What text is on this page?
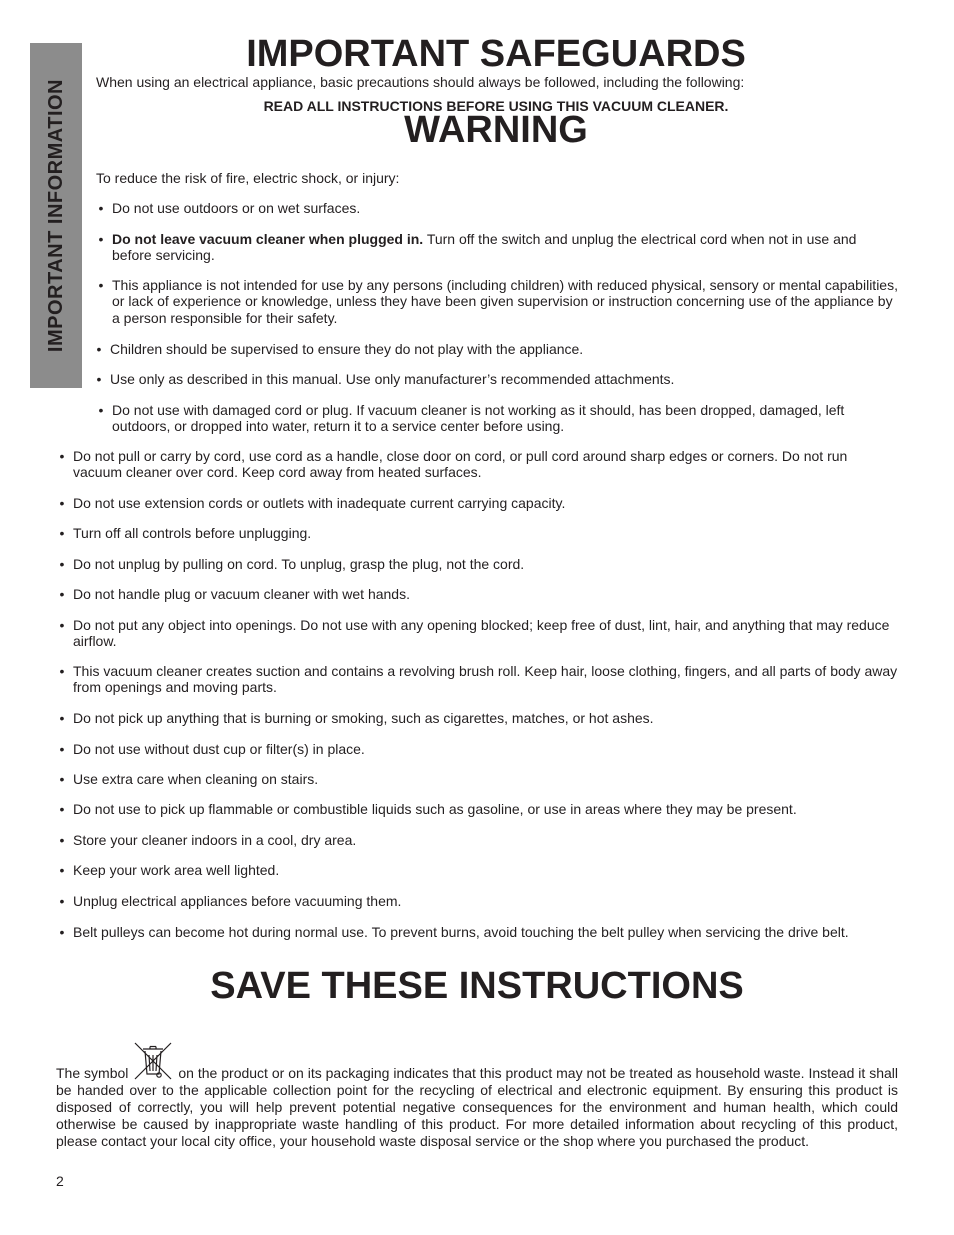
IMPORTANT INFORMATION
IMPORTANT SAFEGUARDS

When using an electrical appliance, basic precautions should always be followed, including the following:

READ ALL INSTRUCTIONS BEFORE USING THIS VACUUM CLEANER.

WARNING

To reduce the risk of fire, electric shock, or injury:

• Do not use outdoors or on wet surfaces.
• Do not leave vacuum cleaner when plugged in. Turn off the switch and unplug the electrical cord when not in use and before servicing.
• This appliance is not intended for use by any persons (including children) with reduced physical, sensory or mental capabilities, or lack of experience or knowledge, unless they have been given supervision or instruction concerning use of the appliance by a person responsible for their safety.
• Children should be supervised to ensure they do not play with the appliance.
• Use only as described in this manual. Use only manufacturer’s recommended attachments.
• Do not use with damaged cord or plug. If vacuum cleaner is not working as it should, has been dropped, damaged, left outdoors, or dropped into water, return it to a service center before using.
• Do not pull or carry by cord, use cord as a handle, close door on cord, or pull cord around sharp edges or corners. Do not run vacuum cleaner over cord. Keep cord away from heated surfaces.
• Do not use extension cords or outlets with inadequate current carrying capacity.
• Turn off all controls before unplugging.
• Do not unplug by pulling on cord. To unplug, grasp the plug, not the cord.
• Do not handle plug or vacuum cleaner with wet hands.
• Do not put any object into openings. Do not use with any opening blocked; keep free of dust, lint, hair, and anything that may reduce airflow.
• This vacuum cleaner creates suction and contains a revolving brush roll. Keep hair, loose clothing, fingers, and all parts of body away from openings and moving parts.
• Do not pick up anything that is burning or smoking, such as cigarettes, matches, or hot ashes.
• Do not use without dust cup or filter(s) in place.
• Use extra care when cleaning on stairs.
• Do not use to pick up flammable or combustible liquids such as gasoline, or use in areas where they may be present.
• Store your cleaner indoors in a cool, dry area.
• Keep your work area well lighted.
• Unplug electrical appliances before vacuuming them.
• Belt pulleys can become hot during normal use. To prevent burns, avoid touching the belt pulley when servicing the drive belt.
SAVE THESE INSTRUCTIONS

The symbol	on the product or on its packaging indicates that this product may not be treated as household waste. Instead it shall be handed over to the applicable collection point for the recycling of electrical and electronic equipment. By ensuring this product is disposed of correctly, you will help prevent potential negative consequences for the environment and human health, which could otherwise be caused by inappropriate waste handling of this product. For more detailed information about recycling of this product, please contact your local city office, your household waste disposal service or the shop where you purchased the product.

2
